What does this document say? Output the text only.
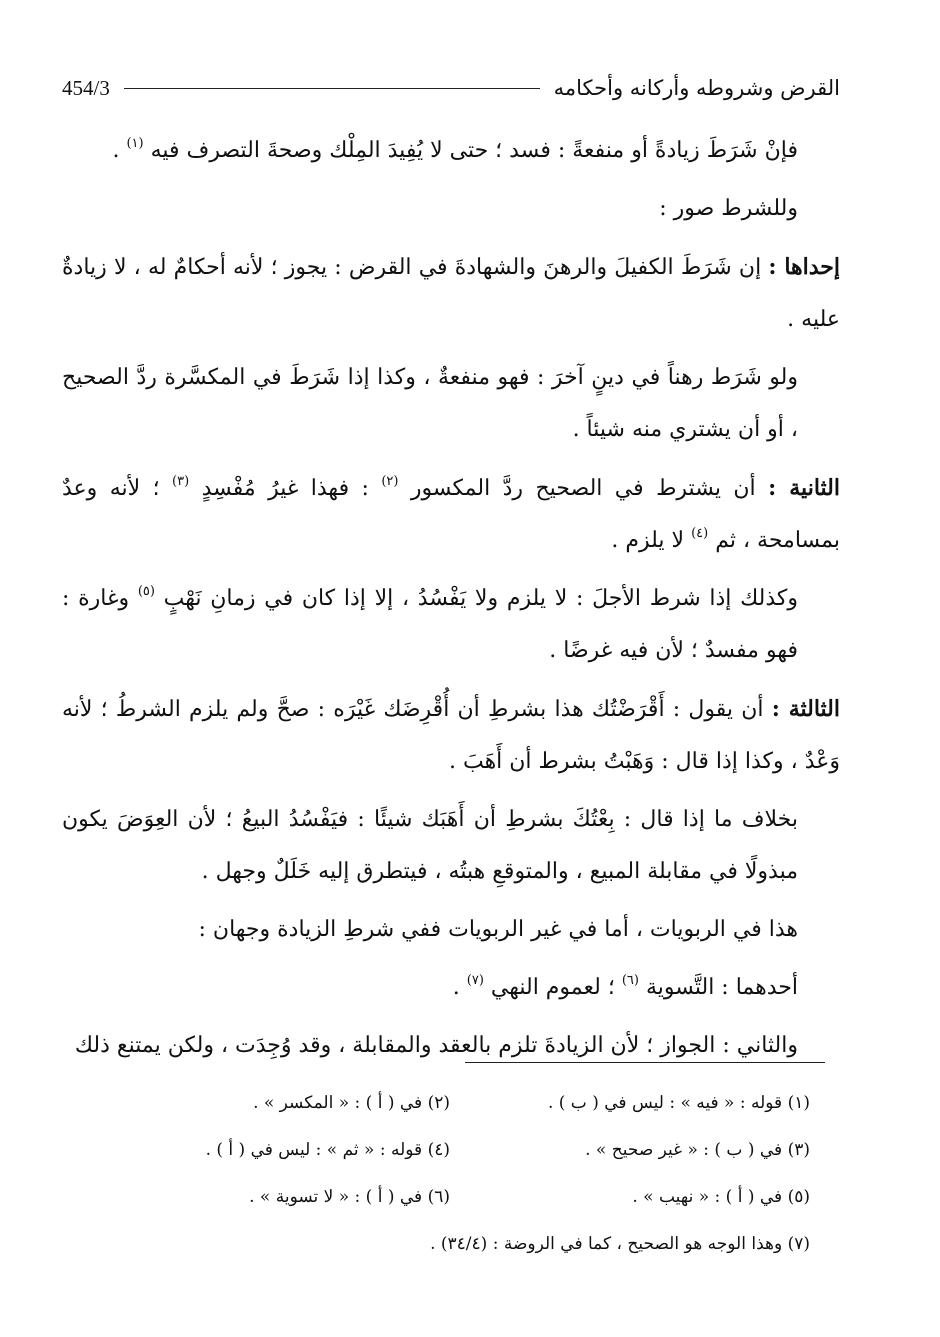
454/3	القرض وشروطه وأركانه وأحكامه

فإنْ شَرَطَ زيادةً أو منفعةً : فسد ؛ حتى لا يُفِيدَ المِلْك وصحةَ التصرف فيه $^{(١)}$ .

وللشرط صور :

إحداها : إن شَرَطَ الكفيلَ والرهنَ والشهادةَ في القرض : يجوز ؛ لأنه أحكامٌ له ، لا زيادةٌ عليه .

ولو شَرَط رهناً في دينٍ آخرَ : فهو منفعةٌ ، وكذا إذا شَرَطَ في المكسَّرة ردَّ الصحيح ، أو أن يشتري منه شيئاً .

الثانية : أن يشترط في الصحيح ردَّ المكسور $^{(٢)}$ : فهذا غيرُ مُفْسِدٍ $^{(٣)}$ ؛ لأنه وعدٌ بمسامحة ، ثم $^{(٤)}$ لا يلزم .

وكذلك إذا شرط الأجلَ : لا يلزم ولا يَفْسُدُ ، إلا إذا كان في زمانِ نَهْبٍ $^{(٥)}$ وغارة : فهو مفسدٌ ؛ لأن فيه غرضًا .

الثالثة : أن يقول : أَقْرَضْتُك هذا بشرطِ أن أُقْرِضَك غَيْرَه : صحَّ ولم يلزم الشرطُ ؛ لأنه وَعْدٌ ، وكذا إذا قال : وَهَبْتُ بشرط أن أَهَبَ .

بخلاف ما إذا قال : بِعْتُكَ بشرطِ أن أَهَبَك شيئًا : فيَفْسُدُ البيعُ ؛ لأن العِوَضَ يكون مبذولًا في مقابلة المبيع ، والمتوقعِ هبتُه ، فيتطرق إليه خَلَلٌ وجهل .

هذا في الربويات ، أما في غير الربويات ففي شرطِ الزيادة وجهان :

أحدهما : التَّسوية $^{(٦)}$ ؛ لعموم النهي $^{(٧)}$ .

والثاني : الجواز ؛ لأن الزيادةَ تلزم بالعقد والمقابلة ، وقد وُجِدَت ، ولكن يمتنع ذلك

(١) قوله : « فيه » : ليس في ( ب ) .
(٢) في ( أ ) : « المكسر » .
(٣) في ( ب ) : « غير صحيح » .
(٤) قوله : « ثم » : ليس في ( أ ) .
(٥) في ( أ ) : « نهيب » .
(٦) في ( أ ) : « لا تسوية » .
(٧) وهذا الوجه هو الصحيح ، كما في الروضة : (٣٤/٤) .
